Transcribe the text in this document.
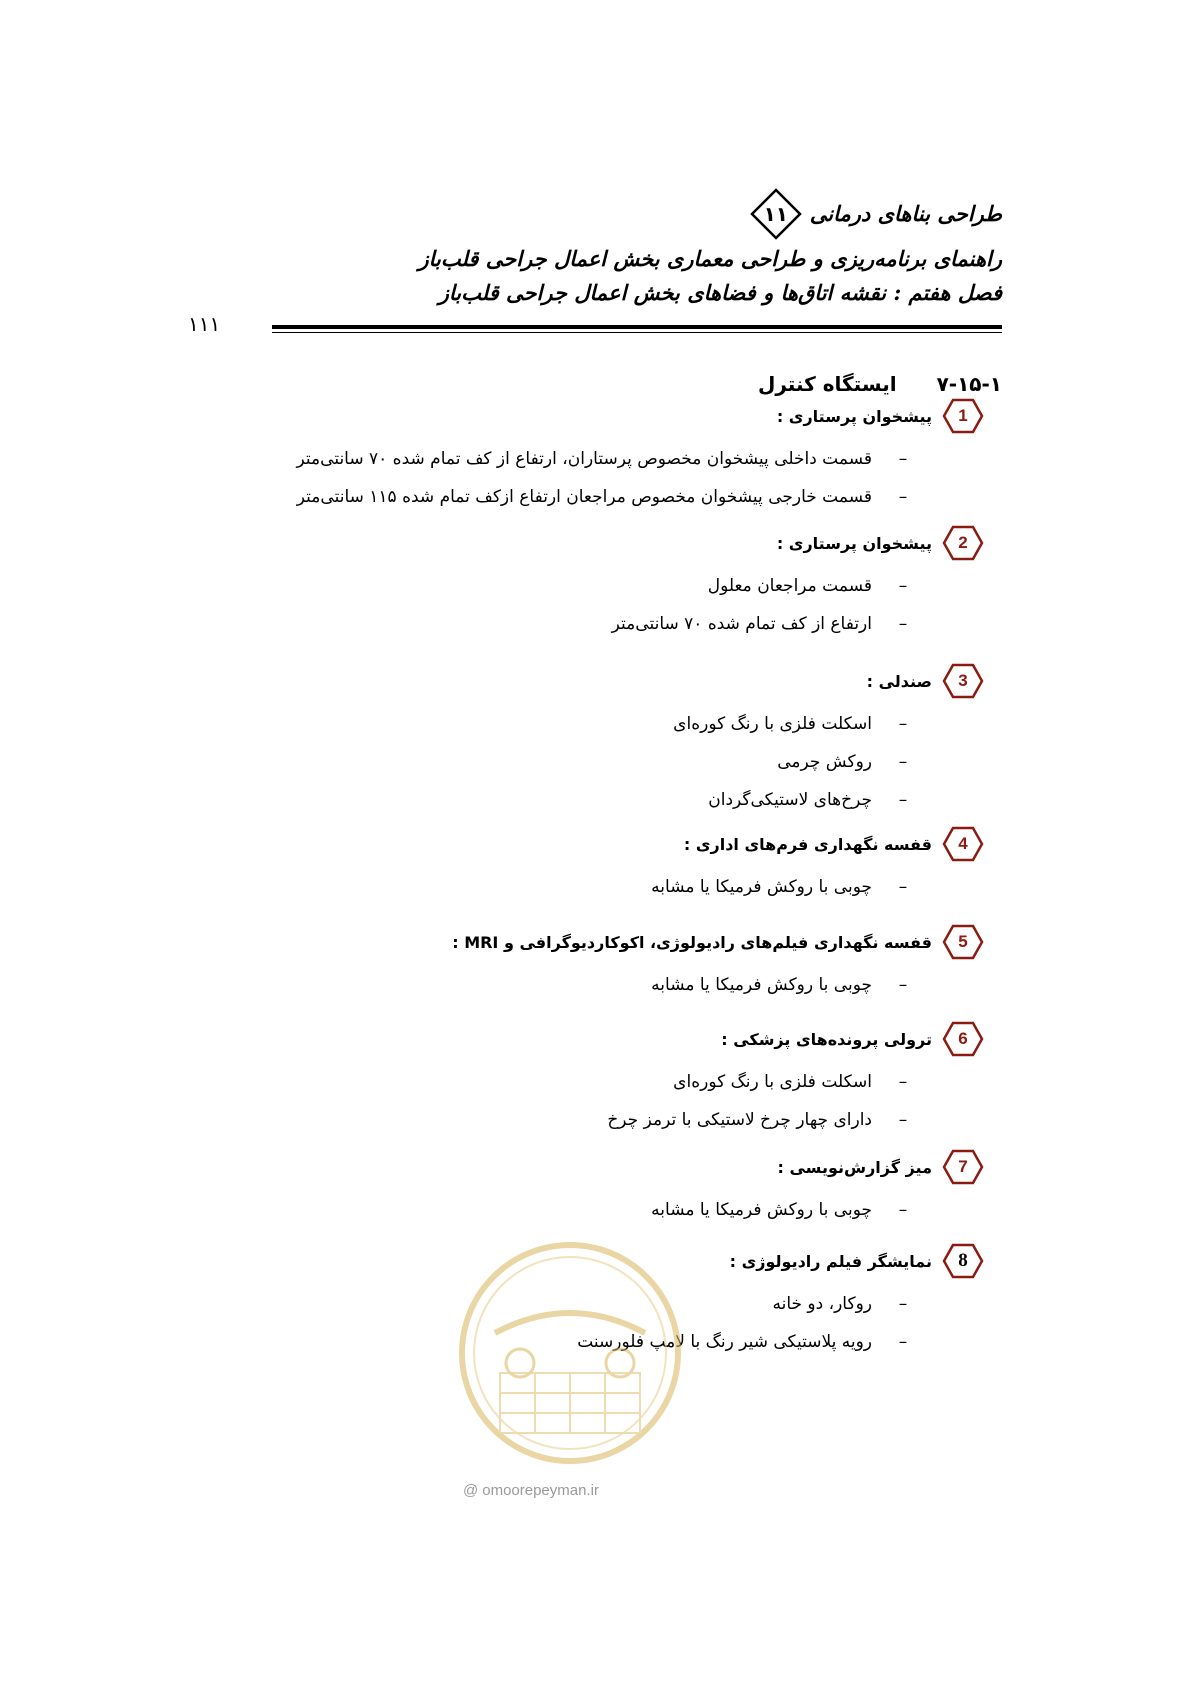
طراحی بناهای درمانی
۱۱
راهنمای برنامه‌ریزی و طراحی معماری بخش اعمال جراحی قلب‌باز
فصل هفتم : نقشه اتاق‌ها و فضاهای بخش اعمال جراحی قلب‌باز
۱۱۱
۷-۱۵-۱
ایستگاه کنترل
1
پیشخوان پرستاری :
–
قسمت داخلی پیشخوان مخصوص پرستاران، ارتفاع از کف تمام شده ۷۰ سانتی‌متر
–
قسمت خارجی پیشخوان مخصوص مراجعان ارتفاع ازکف تمام شده ۱۱۵ سانتی‌متر
2
پیشخوان پرستاری :
–
قسمت مراجعان معلول
–
ارتفاع از کف تمام شده ۷۰ سانتی‌متر
3
صندلی :
–
اسکلت فلزی با رنگ کوره‌ای
–
روکش چرمی
–
چرخ‌های لاستیکی‌گردان
4
قفسه نگهداری فرم‌های اداری :
–
چوبی با روکش فرمیکا یا مشابه
5
قفسه نگهداری فیلم‌های رادیولوژی، اکوکاردیوگرافی و MRI :
–
چوبی با روکش فرمیکا یا مشابه
6
ترولی پرونده‌های پزشکی :
–
اسکلت فلزی با رنگ کوره‌ای
–
دارای چهار چرخ لاستیکی با ترمز چرخ
7
میز گزارش‌نویسی :
–
چوبی با روکش فرمیکا یا مشابه
8
نمایشگر فیلم رادیولوژی :
–
روکار، دو خانه
–
رویه پلاستیکی شیر رنگ با لامپ فلورسنت
@ omoorepeyman.ir
